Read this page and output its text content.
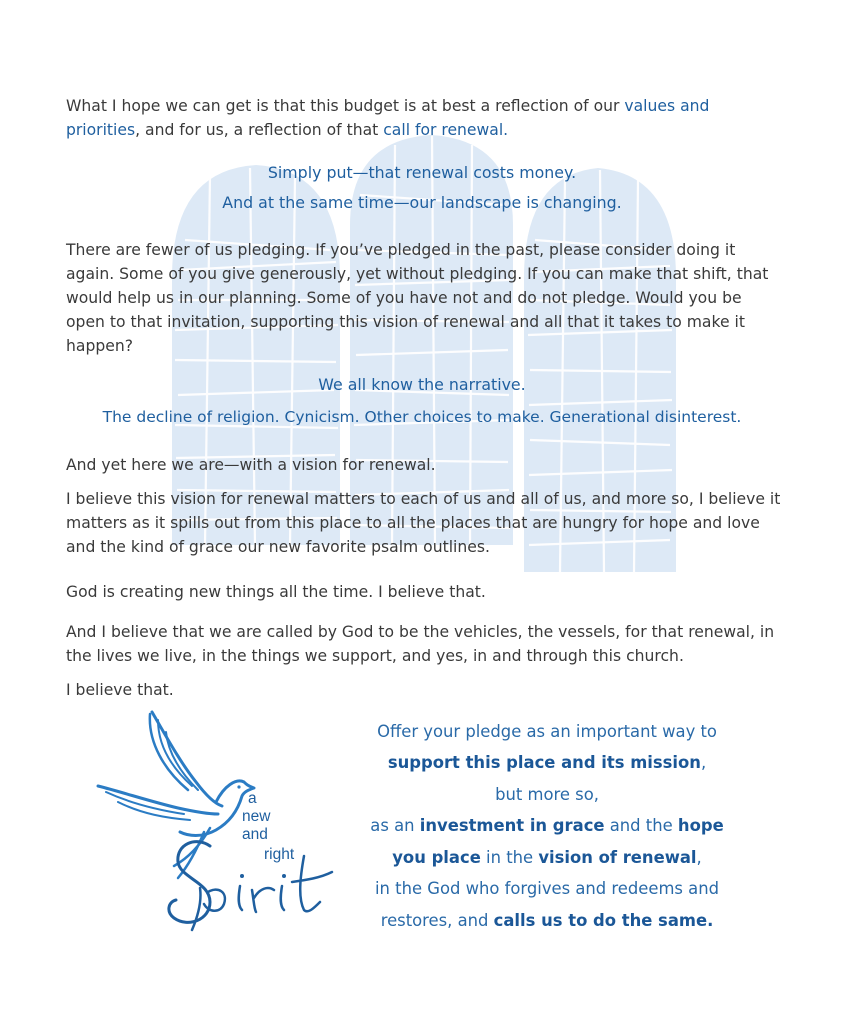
What I hope we can get is that this budget is at best a reflection of our values and priorities, and for us, a reflection of that call for renewal.

Simply put—that renewal costs money.

And at the same time—our landscape is changing.

There are fewer of us pledging. If you’ve pledged in the past, please consider doing it again. Some of you give generously, yet without pledging. If you can make that shift, that would help us in our planning. Some of you have not and do not pledge. Would you be open to that invitation, supporting this vision of renewal and all that it takes to make it happen?

We all know the narrative.

The decline of religion. Cynicism. Other choices to make. Generational disinterest.

And yet here we are—with a vision for renewal.

I believe this vision for renewal matters to each of us and all of us, and more so, I believe it matters as it spills out from this place to all the places that are hungry for hope and love and the kind of grace our new favorite psalm outlines.

God is creating new things all the time. I believe that.

And I believe that we are called by God to be the vehicles, the vessels, for that renewal, in the lives we live, in the things we support, and yes, in and through this church.

I believe that.

a
new
and
right

Offer your pledge as an important way to

support this place and its mission,

but more so,

as an investment in grace and the hope

you place in the vision of renewal,

in the God who forgives and redeems and

restores, and calls us to do the same.
